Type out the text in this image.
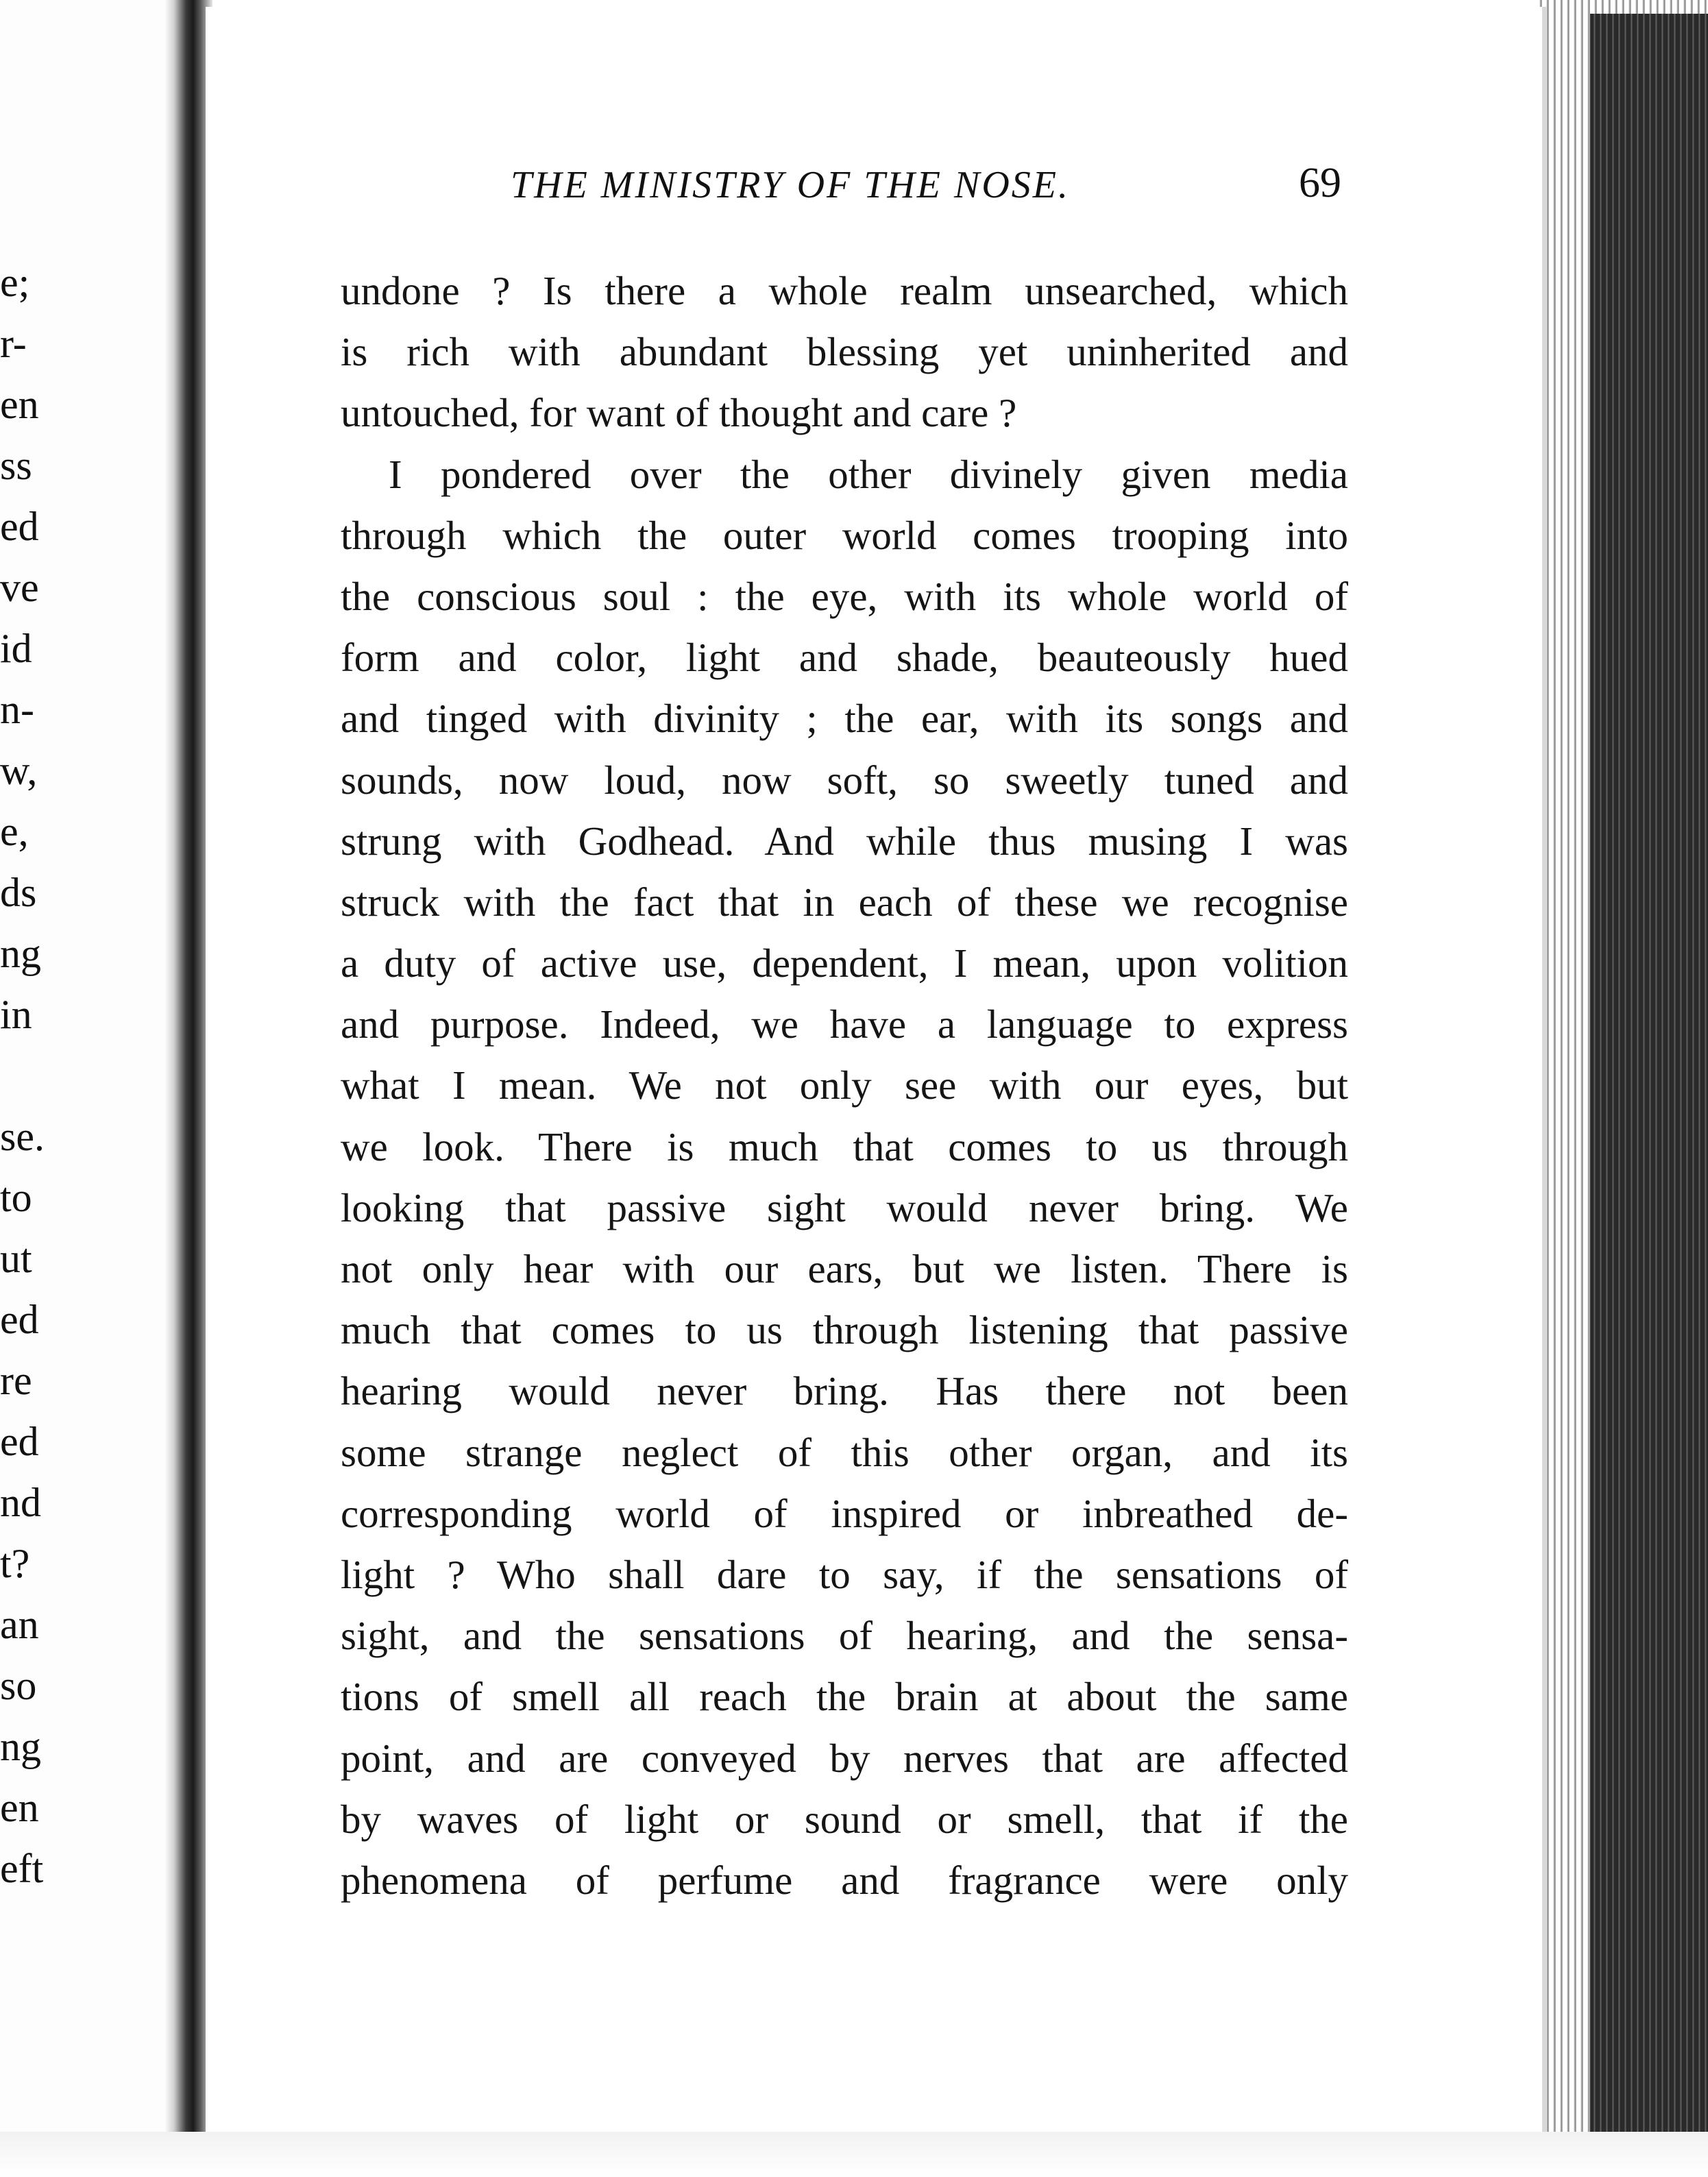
e;
r-
en
ss
ed
ve
id
n-
w,
e,
ds
ng
in
se.
to
ut
ed
re
ed
nd
t?
an
so
ng
en
eft
THE MINISTRY OF THE NOSE.	69
undone ? Is there a whole realm unsearched, which
is rich with abundant blessing yet uninherited and
untouched, for want of thought and care ?
I pondered over the other divinely given media
through which the outer world comes trooping into
the conscious soul : the eye, with its whole world of
form and color, light and shade, beauteously hued
and tinged with divinity ; the ear, with its songs and
sounds, now loud, now soft, so sweetly tuned and
strung with Godhead. And while thus musing I was
struck with the fact that in each of these we recognise
a duty of active use, dependent, I mean, upon volition
and purpose. Indeed, we have a language to express
what I mean. We not only see with our eyes, but
we look. There is much that comes to us through
looking that passive sight would never bring. We
not only hear with our ears, but we listen. There is
much that comes to us through listening that passive
hearing would never bring. Has there not been
some strange neglect of this other organ, and its
corresponding world of inspired or inbreathed de-
light ? Who shall dare to say, if the sensations of
sight, and the sensations of hearing, and the sensa-
tions of smell all reach the brain at about the same
point, and are conveyed by nerves that are affected
by waves of light or sound or smell, that if the
phenomena of perfume and fragrance were only
